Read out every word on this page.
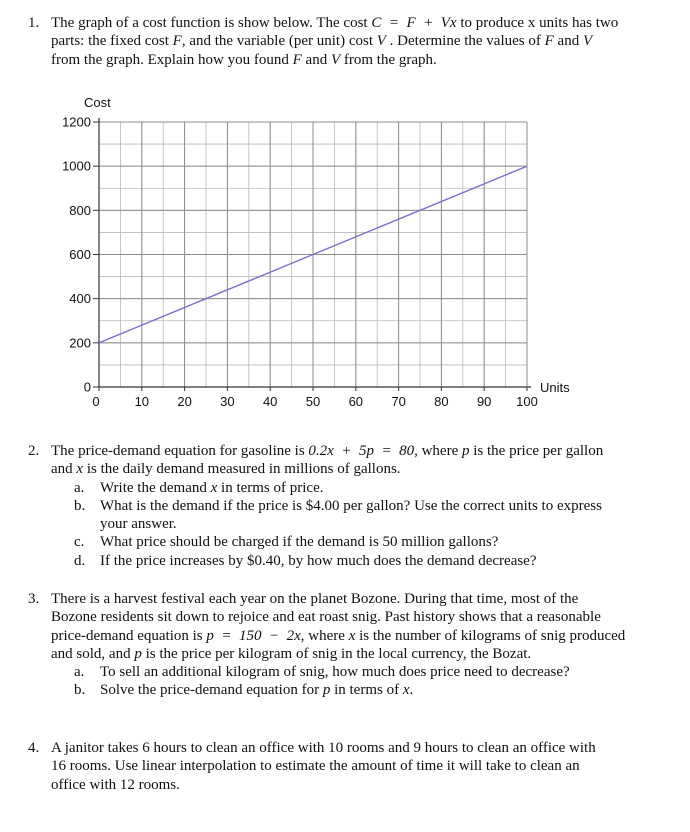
1. The graph of a cost function is show below. The cost C  =  F  +  Vx to produce x units has two parts: the fixed cost F, and the variable (per unit) cost V . Determine the values of F and V from the graph. Explain how you found F and V from the graph.
0
200
400
600
800
1000
1200
0	10 20 30 40 50 60 70 80 90 100
Cost
Units
2. The price-demand equation for gasoline is 0.2x  +  5p  =  80, where p is the price per gallon and x is the daily demand measured in millions of gallons.
a.	Write the demand x in terms of price.
b. What is the demand if the price is $4.00 per gallon? Use the correct units to express your answer.
c.	What price should be charged if the demand is 50 million gallons?
d. If the price increases by $0.40, by how much does the demand decrease?
3. There is a harvest festival each year on the planet Bozone. During that time, most of the Bozone residents sit down to rejoice and eat roast snig. Past history shows that a reasonable price-demand equation is p  =  150  −  2x, where x is the number of kilograms of snig produced and sold, and p is the price per kilogram of snig in the local currency, the Bozat.
a.	To sell an additional kilogram of snig, how much does price need to decrease?
b. Solve the price-demand equation for p in terms of x.
4. A janitor takes 6 hours to clean an office with 10 rooms and 9 hours to clean an office with 16 rooms. Use linear interpolation to estimate the amount of time it will take to clean an office with 12 rooms.
